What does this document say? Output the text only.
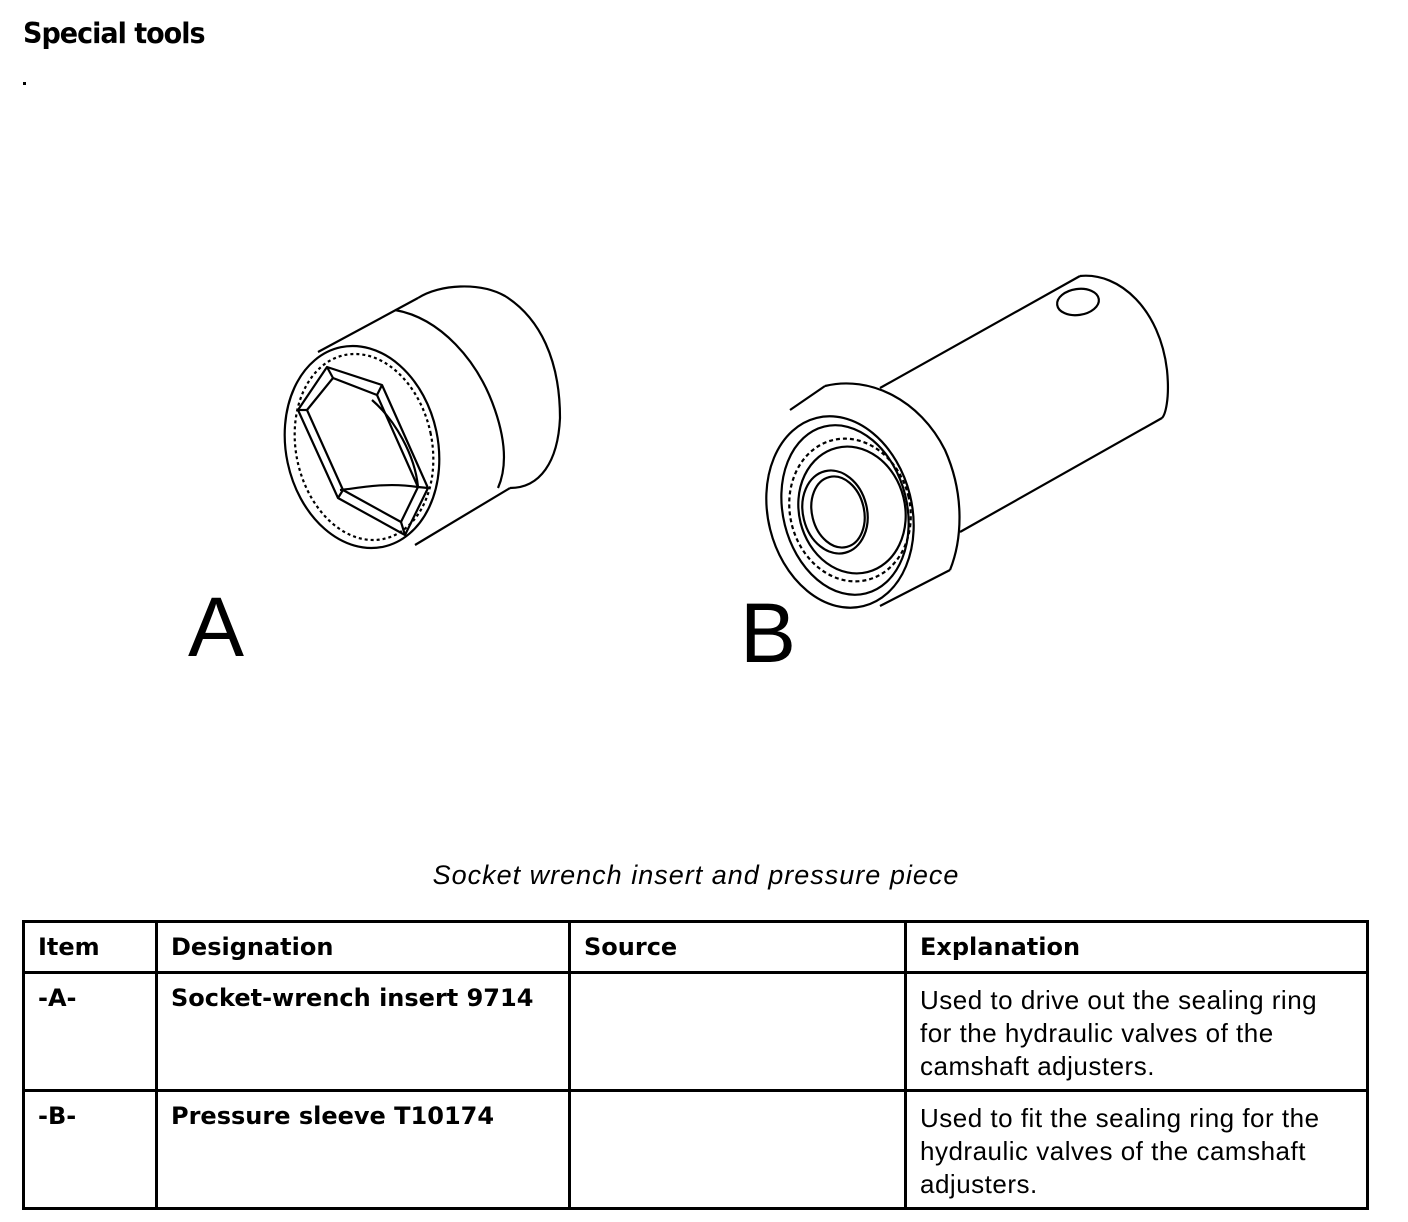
Special tools
A	B
Socket wrench insert and pressure piece
Item	Designation	Source	Explanation
-A-	Socket-wrench insert 9714		Used to drive out the sealing ring for the hydraulic valves of the camshaft adjusters.
-B-	Pressure sleeve T10174		Used to fit the sealing ring for the hydraulic valves of the camshaft adjusters.
